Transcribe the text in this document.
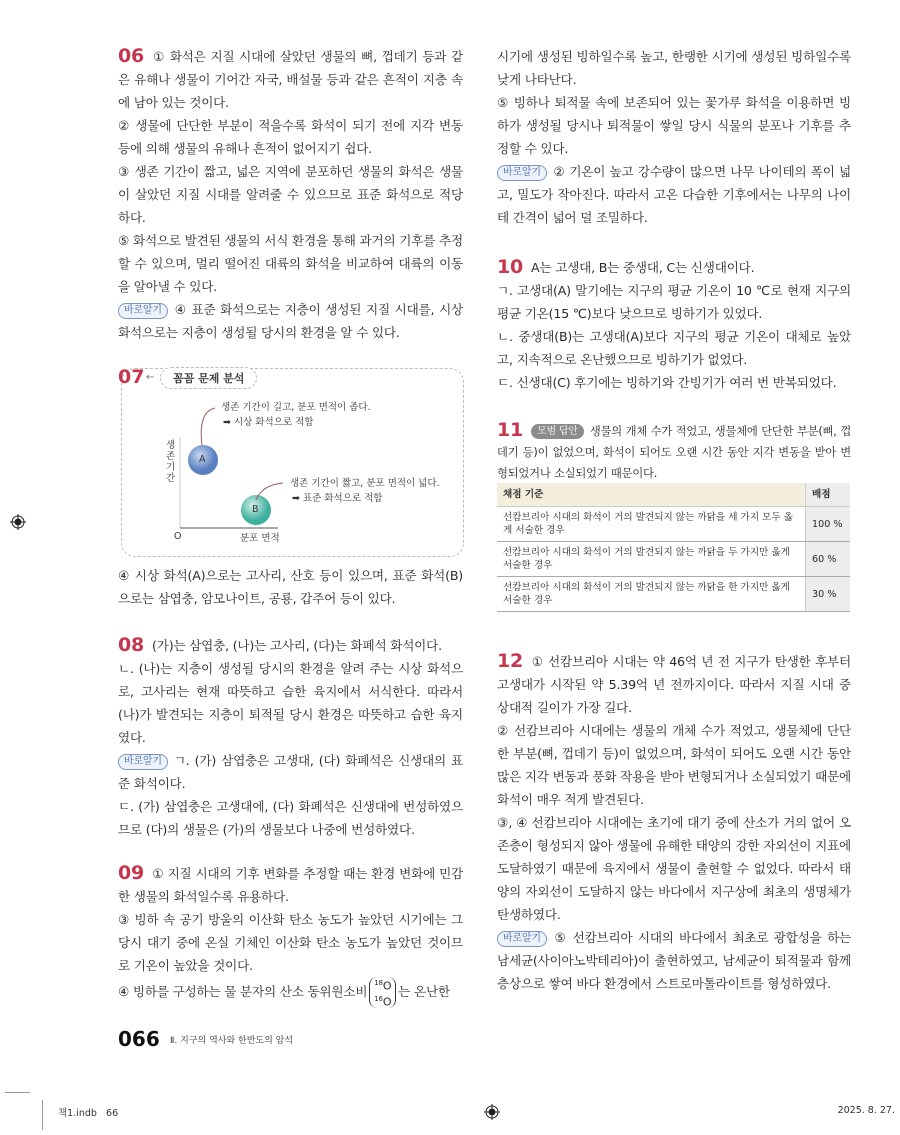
06 ① 화석은 지질 시대에 살았던 생물의 뼈, 껍데기 등과 같은 유해나 생물이 기어간 자국, 배설물 등과 같은 흔적이 지층 속에 남아 있는 것이다.

② 생물에 단단한 부분이 적을수록 화석이 되기 전에 지각 변동 등에 의해 생물의 유해나 흔적이 없어지기 쉽다.

③ 생존 기간이 짧고, 넓은 지역에 분포하던 생물의 화석은 생물이 살았던 지질 시대를 알려줄 수 있으므로 표준 화석으로 적당하다.

⑤ 화석으로 발견된 생물의 서식 환경을 통해 과거의 기후를 추정할 수 있으며, 멀리 떨어진 대륙의 화석을 비교하여 대륙의 이동을 알아낼 수 있다.

바로알기 ④ 표준 화석으로는 지층이 생성된 지질 시대를, 시상 화석으로는 지층이 생성될 당시의 환경을 알 수 있다.

07 ←	꼼꼼 문제 분석
A
B
생존 기간
분포 면적
O
생존 기간이 길고, 분포 면적이 좁다.
➡ 시상 화석으로 적합
생존 기간이 짧고, 분포 면적이 넓다.
➡ 표준 화석으로 적합

④ 시상 화석(A)으로는 고사리, 산호 등이 있으며, 표준 화석(B)으로는 삼엽충, 암모나이트, 공룡, 갑주어 등이 있다.

08 (가)는 삼엽충, (나)는 고사리, (다)는 화폐석 화석이다.

ㄴ. (나)는 지층이 생성될 당시의 환경을 알려 주는 시상 화석으로, 고사리는 현재 따뜻하고 습한 육지에서 서식한다. 따라서 (나)가 발견되는 지층이 퇴적될 당시 환경은 따뜻하고 습한 육지였다.

바로알기 ㄱ. (가) 삼엽충은 고생대, (다) 화폐석은 신생대의 표준 화석이다.

ㄷ. (가) 삼엽충은 고생대에, (다) 화폐석은 신생대에 번성하였으므로 (다)의 생물은 (가)의 생물보다 나중에 번성하였다.

09 ① 지질 시대의 기후 변화를 추정할 때는 환경 변화에 민감한 생물의 화석일수록 유용하다.

③ 빙하 속 공기 방울의 이산화 탄소 농도가 높았던 시기에는 그 당시 대기 중에 온실 기체인 이산화 탄소 농도가 높았던 것이므로 기온이 높았을 것이다.

④ 빙하를 구성하는 물 분자의 산소 동위원소비$^{18}$O
$^{16}$O는 온난한

시기에 생성된 빙하일수록 높고, 한랭한 시기에 생성된 빙하일수록 낮게 나타난다.

⑤ 빙하나 퇴적물 속에 보존되어 있는 꽃가루 화석을 이용하면 빙하가 생성될 당시나 퇴적물이 쌓일 당시 식물의 분포나 기후를 추정할 수 있다.

바로알기 ② 기온이 높고 강수량이 많으면 나무 나이테의 폭이 넓고, 밀도가 작아진다. 따라서 고온 다습한 기후에서는 나무의 나이테 간격이 넓어 덜 조밀하다.

10 A는 고생대, B는 중생대, C는 신생대이다.

ㄱ. 고생대(A) 말기에는 지구의 평균 기온이 10 ℃로 현재 지구의 평균 기온(15 ℃)보다 낮으므로 빙하기가 있었다.

ㄴ. 중생대(B)는 고생대(A)보다 지구의 평균 기온이 대체로 높았고, 지속적으로 온난했으므로 빙하기가 없었다.

ㄷ. 신생대(C) 후기에는 빙하기와 간빙기가 여러 번 반복되었다.

11 모범 답안 생물의 개체 수가 적었고, 생물체에 단단한 부분(뼈, 껍데기 등)이 없었으며, 화석이 되어도 오랜 시간 동안 지각 변동을 받아 변형되었거나 소실되었기 때문이다.

채점 기준	배점
선캄브리아 시대의 화석이 거의 발견되지 않는 까닭을 세 가지 모두 옳게 서술한 경우	100 %
선캄브리아 시대의 화석이 거의 발견되지 않는 까닭을 두 가지만 옳게 서술한 경우	60 %
선캄브리아 시대의 화석이 거의 발견되지 않는 까닭을 한 가지만 옳게 서술한 경우	30 %

12 ① 선캄브리아 시대는 약 46억 년 전 지구가 탄생한 후부터 고생대가 시작된 약 5.39억 년 전까지이다. 따라서 지질 시대 중 상대적 길이가 가장 길다.

② 선캄브리아 시대에는 생물의 개체 수가 적었고, 생물체에 단단한 부분(뼈, 껍데기 등)이 없었으며, 화석이 되어도 오랜 시간 동안 많은 지각 변동과 풍화 작용을 받아 변형되거나 소실되었기 때문에 화석이 매우 적게 발견된다.

③, ④ 선캄브리아 시대에는 초기에 대기 중에 산소가 거의 없어 오존층이 형성되지 않아 생물에 유해한 태양의 강한 자외선이 지표에 도달하였기 때문에 육지에서 생물이 출현할 수 없었다. 따라서 태양의 자외선이 도달하지 않는 바다에서 지구상에 최초의 생명체가 탄생하였다.

바로알기 ⑤ 선캄브리아 시대의 바다에서 최초로 광합성을 하는 남세균(사이아노박테리아)이 출현하였고, 남세균이 퇴적물과 함께 층상으로 쌓여 바다 환경에서 스트로마톨라이트를 형성하였다.

066 Ⅱ. 지구의 역사와 한반도의 암석
책1.indb   66	2025. 8. 27.
